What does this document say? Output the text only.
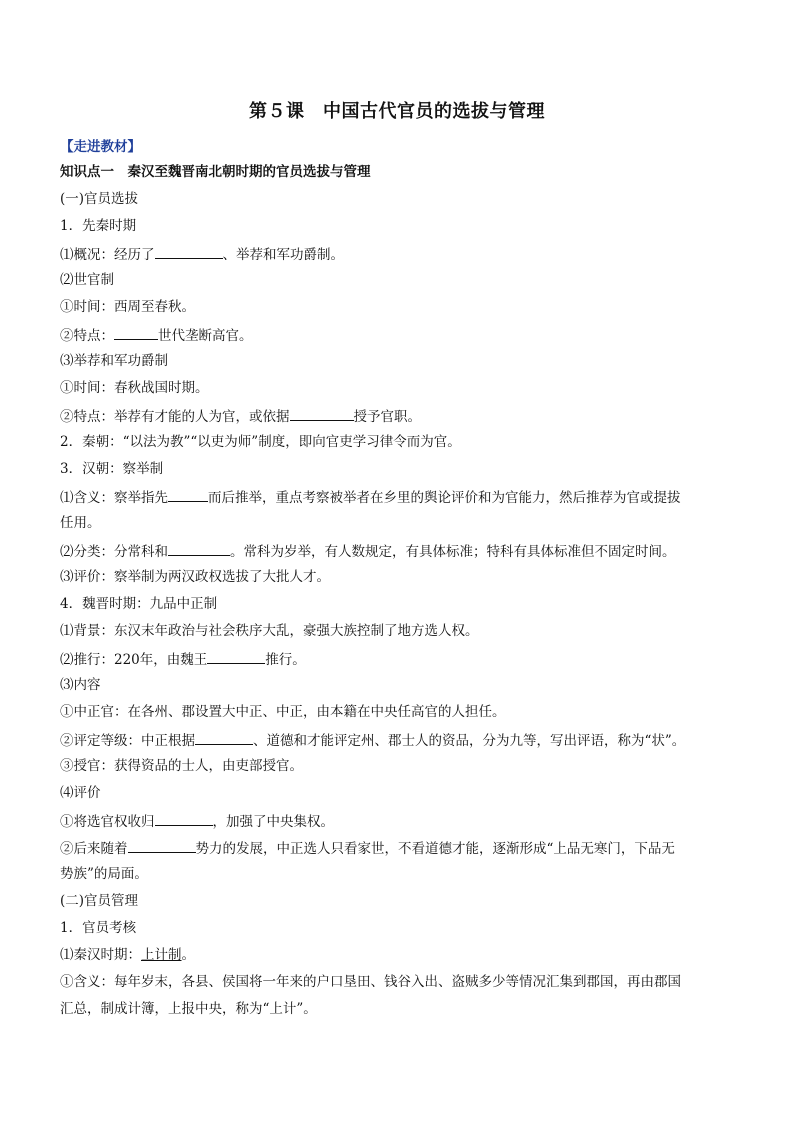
第５课　中国古代官员的选拔与管理
【走进教材】
知识点一　秦汉至魏晋南北朝时期的官员选拔与管理
(一)官员选拔
1．先秦时期
⑴概况：经历了	、举荐和军功爵制。
⑵世官制
①时间：西周至春秋。
②特点：	世代垄断高官。
⑶举荐和军功爵制
①时间：春秋战国时期。
②特点：举荐有才能的人为官，或依据	授予官职。
2．秦朝：“以法为教”“以吏为师”制度，即向官吏学习律令而为官。
3．汉朝：察举制
⑴含义：察举指先	而后推举，重点考察被举者在乡里的舆论评价和为官能力，然后推荐为官或提拔
任用。
⑵分类：分常科和	。常科为岁举，有人数规定，有具体标准；特科有具体标准但不固定时间。
⑶评价：察举制为两汉政权选拔了大批人才。
4．魏晋时期：九品中正制
⑴背景：东汉末年政治与社会秩序大乱，豪强大族控制了地方选人权。
⑵推行：220年，由魏王	推行。
⑶内容
①中正官：在各州、郡设置大中正、中正，由本籍在中央任高官的人担任。
②评定等级：中正根据	、道德和才能评定州、郡士人的资品，分为九等，写出评语，称为“状”。
③授官：获得资品的士人，由吏部授官。
⑷评价
①将选官权收归	，加强了中央集权。
②后来随着	势力的发展，中正选人只看家世，不看道德才能，逐渐形成“上品无寒门，下品无
势族”的局面。
(二)官员管理
1．官员考核
⑴秦汉时期：上计制。
①含义：每年岁末，各县、侯国将一年来的户口垦田、钱谷入出、盗贼多少等情况汇集到郡国，再由郡国
汇总，制成计簿，上报中央，称为“上计”。
